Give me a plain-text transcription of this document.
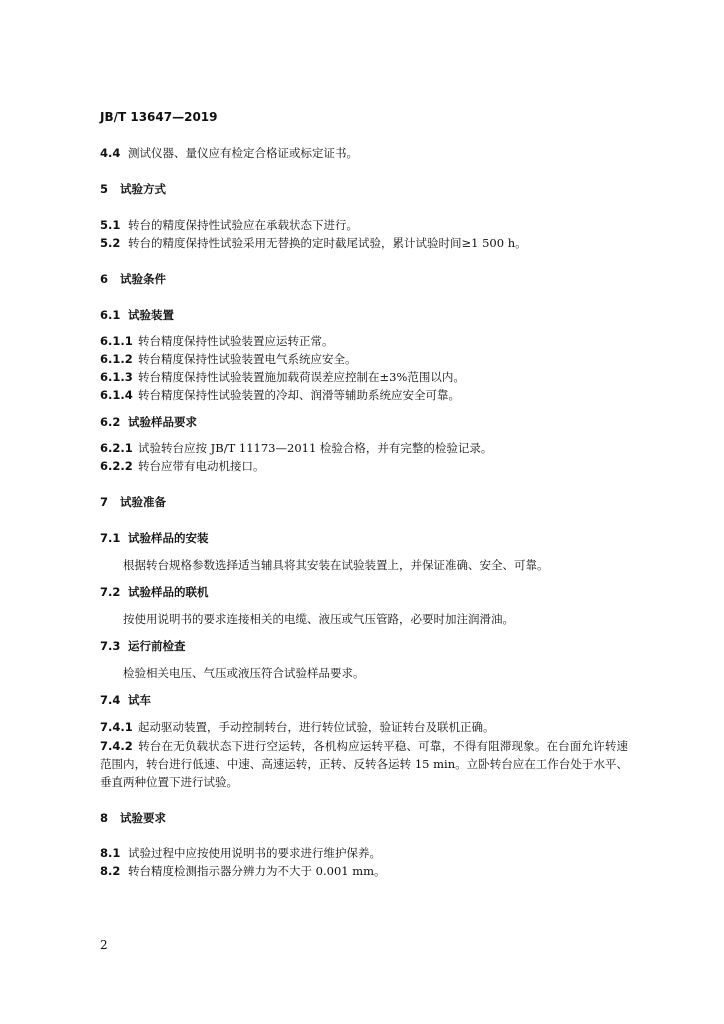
JB/T 13647—2019
4.4 测试仪器、量仪应有检定合格证或标定证书。
5 试验方式
5.1 转台的精度保持性试验应在承载状态下进行。
5.2 转台的精度保持性试验采用无替换的定时截尾试验，累计试验时间≥1 500 h。
6 试验条件
6.1 试验装置
6.1.1 转台精度保持性试验装置应运转正常。
6.1.2 转台精度保持性试验装置电气系统应安全。
6.1.3 转台精度保持性试验装置施加载荷误差应控制在±3%范围以内。
6.1.4 转台精度保持性试验装置的冷却、润滑等辅助系统应安全可靠。
6.2 试验样品要求
6.2.1 试验转台应按 JB/T 11173—2011 检验合格，并有完整的检验记录。
6.2.2 转台应带有电动机接口。
7 试验准备
7.1 试验样品的安装
根据转台规格参数选择适当辅具将其安装在试验装置上，并保证准确、安全、可靠。
7.2 试验样品的联机
按使用说明书的要求连接相关的电缆、液压或气压管路，必要时加注润滑油。
7.3 运行前检查
检验相关电压、气压或液压符合试验样品要求。
7.4 试车
7.4.1 起动驱动装置，手动控制转台，进行转位试验，验证转台及联机正确。
7.4.2 转台在无负载状态下进行空运转，各机构应运转平稳、可靠，不得有阻滞现象。在台面允许转速范围内，转台进行低速、中速、高速运转，正转、反转各运转 15 min。立卧转台应在工作台处于水平、垂直两种位置下进行试验。
8 试验要求
8.1 试验过程中应按使用说明书的要求进行维护保养。
8.2 转台精度检测指示器分辨力为不大于 0.001 mm。
2
